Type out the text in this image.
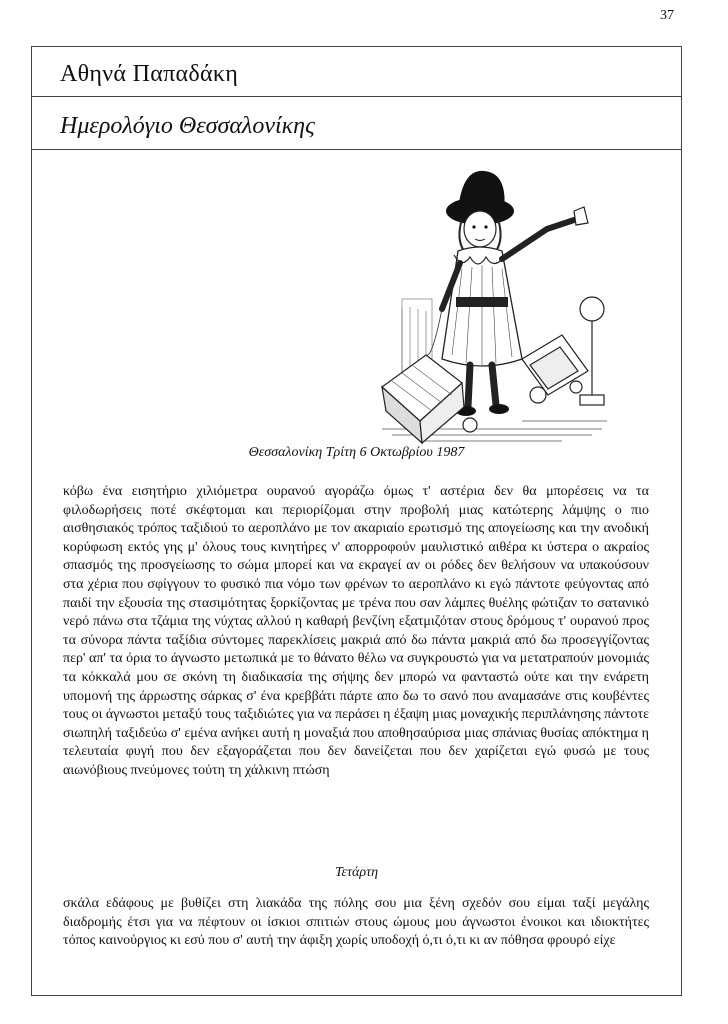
37
Αθηνά Παπαδάκη
Ημερολόγιο Θεσσαλονίκης
Θεσσαλονίκη Τρίτη 6 Οκτωβρίου 1987

κόβω ένα εισητήριο χιλιόμετρα ουρανού αγοράζω όμως τ' αστέρια δεν θα μπορέσεις να τα φιλοδωρήσεις ποτέ σκέφτομαι και περιορίζομαι στην προβολή μιας κατώτερης λάμψης ο πιο αισθησιακός τρόπος ταξιδιού το αεροπλάνο με τον ακαριαίο ερωτισμό της απογείωσης και την ανοδική κορύφωση εκτός γης μ' όλους τους κινητήρες ν' απορροφούν μαυλιστικό αιθέρα κι ύστερα ο ακραίος σπασμός της προσγείωσης το σώμα μπορεί και να εκραγεί αν οι ρόδες δεν θελήσουν να υπακούσουν στα χέρια που σφίγγουν το φυσικό πια νόμο των φρένων το αεροπλάνο κι εγώ πάντοτε φεύγοντας από παιδί την εξουσία της στασιμότητας ξορκίζοντας με τρένα που σαν λάμπες θυέλης φώτιζαν το σατανικό νερό πάνω στα τζάμια της νύχτας αλλού η καθαρή βενζίνη εξατμιζόταν στους δρόμους τ' ουρανού προς τα σύνορα πάντα ταξίδια σύντομες παρεκλίσεις μακριά από δω πάντα μακριά από δω προσεγγίζοντας περ' απ' τα όρια το άγνωστο μετωπικά με το θάνατο θέλω να συγκρουστώ για να μετατραπούν μονομιάς τα κόκκαλά μου σε σκόνη τη διαδικασία της σήψης δεν μπορώ να φανταστώ ούτε και την ενάρετη υπομονή της άρρωστης σάρκας σ' ένα κρεββάτι πάρτε απο δω το σανό που αναμασάνε στις κουβέντες τους οι άγνωστοι μεταξύ τους ταξιδιώτες για να περάσει η έξαψη μιας μοναχικής περιπλάνησης πάντοτε σιωπηλή ταξιδεύω σ' εμένα ανήκει αυτή η μοναξιά που αποθησαύρισα μιας σπάνιας θυσίας απόκτημα η τελευταία φυγή που δεν εξαγοράζεται που δεν δανείζεται που δεν χαρίζεται εγώ φυσώ με τους αιωνόβιους πνεύμονες τούτη τη χάλκινη πτώση

Τετάρτη

σκάλα εδάφους με βυθίζει στη λιακάδα της πόλης σου μια ξένη σχεδόν σου είμαι ταξί μεγάλης διαδρομής έτσι για να πέφτουν οι ίσκιοι σπιτιών στους ώμους μου άγνωστοι ένοικοι και ιδιοκτήτες τόπος καινούργιος κι εσύ που σ' αυτή την άφιξη χωρίς υποδοχή ό,τι ό,τι κι αν πόθησα φρουρό είχε
